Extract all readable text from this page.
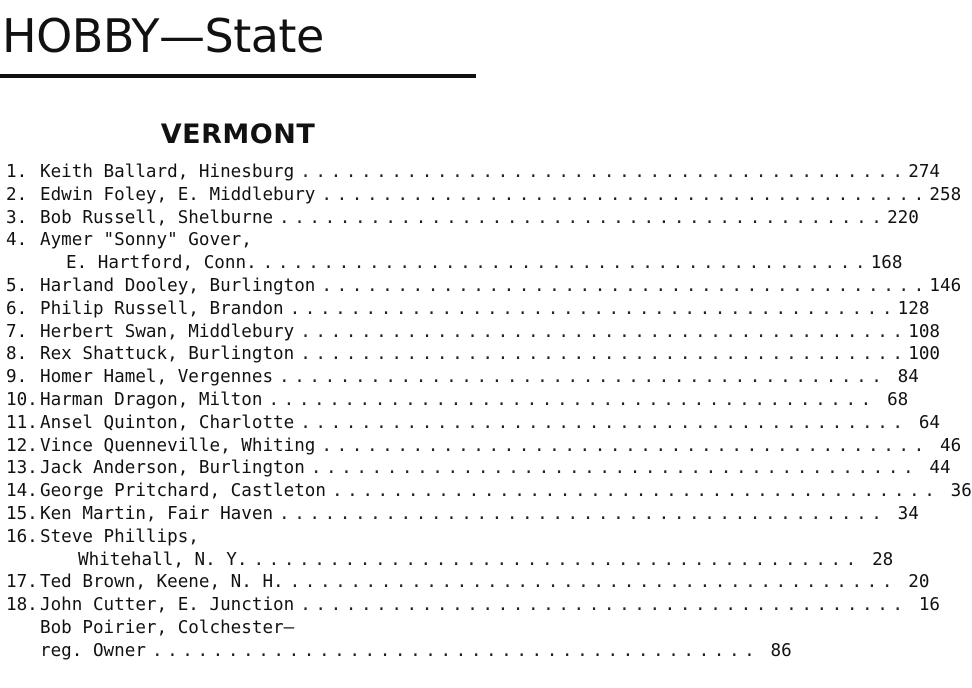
HOBBY—State
VERMONT
1. Keith Ballard, Hinesburg . . .	274
2. Edwin Foley, E. Middlebury . . .	258
3. Bob Russell, Shelburne . . .	220
4. Aymer "Sonny" Gover,
E. Hartford, Conn. . . .	168
5. Harland Dooley, Burlington . . .	146
6. Philip Russell, Brandon . . .	128
7. Herbert Swan, Middlebury . . .	108
8. Rex Shattuck, Burlington . . .	100
9. Homer Hamel, Vergennes . . .	84
10. Harman Dragon, Milton . . .	68
11. Ansel Quinton, Charlotte . . .	64
12. Vince Quenneville, Whiting . . .	46
13. Jack Anderson, Burlington . . .	44
14. George Pritchard, Castleton . . .	36
15. Ken Martin, Fair Haven . . .	34
16. Steve Phillips,
Whitehall, N. Y. . . .	28
17. Ted Brown, Keene, N. H. . . .	20
18. John Cutter, E. Junction . . .	16
Bob Poirier, Colchester—
reg. Owner . . .	86
